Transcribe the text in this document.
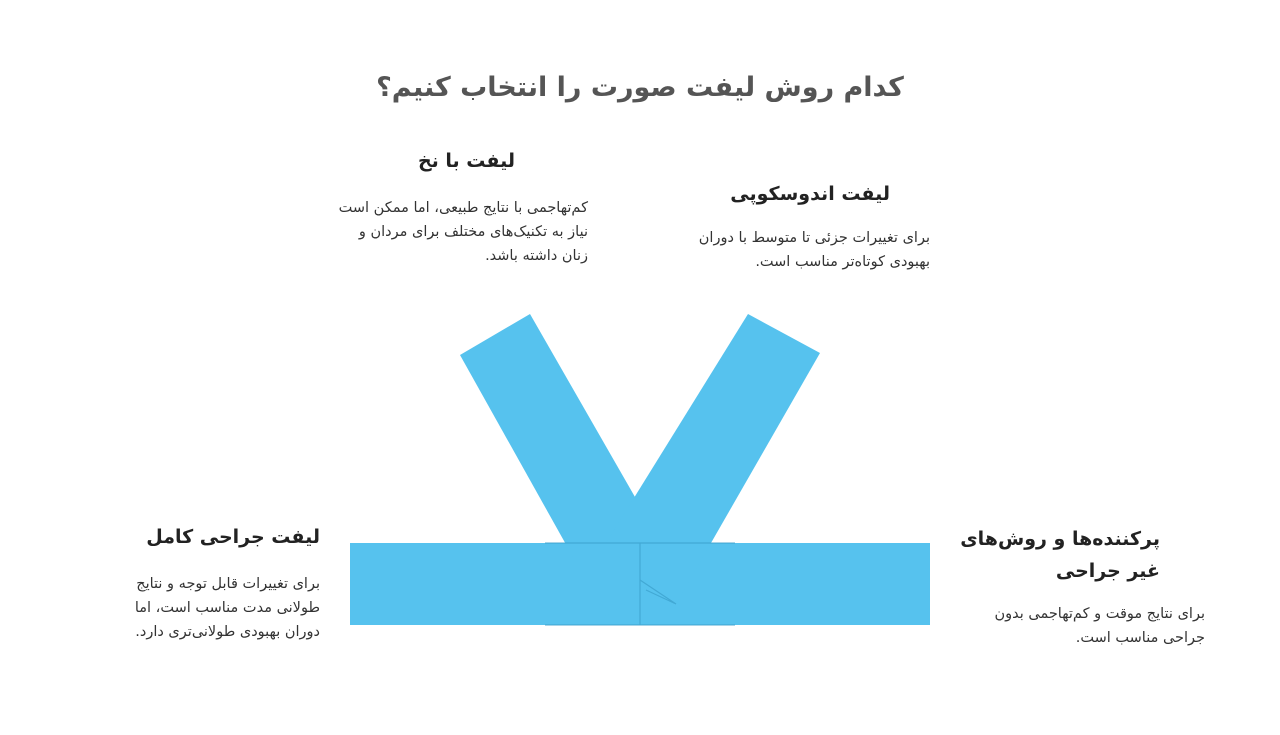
کدام روش لیفت صورت را انتخاب کنیم؟
لیفت با نخ
کم‌تهاجمی با نتایج طبیعی، اما ممکن است نیاز به تکنیک‌های مختلف برای مردان و زنان داشته باشد.
لیفت اندوسکوپی
برای تغییرات جزئی تا متوسط با دوران بهبودی کوتاه‌تر مناسب است.
لیفت جراحی کامل
برای تغییرات قابل توجه و نتایج طولانی مدت مناسب است، اما دوران بهبودی طولانی‌تری دارد.
پرکننده‌ها و روش‌های غیر جراحی
برای نتایج موقت و کم‌تهاجمی بدون جراحی مناسب است.
